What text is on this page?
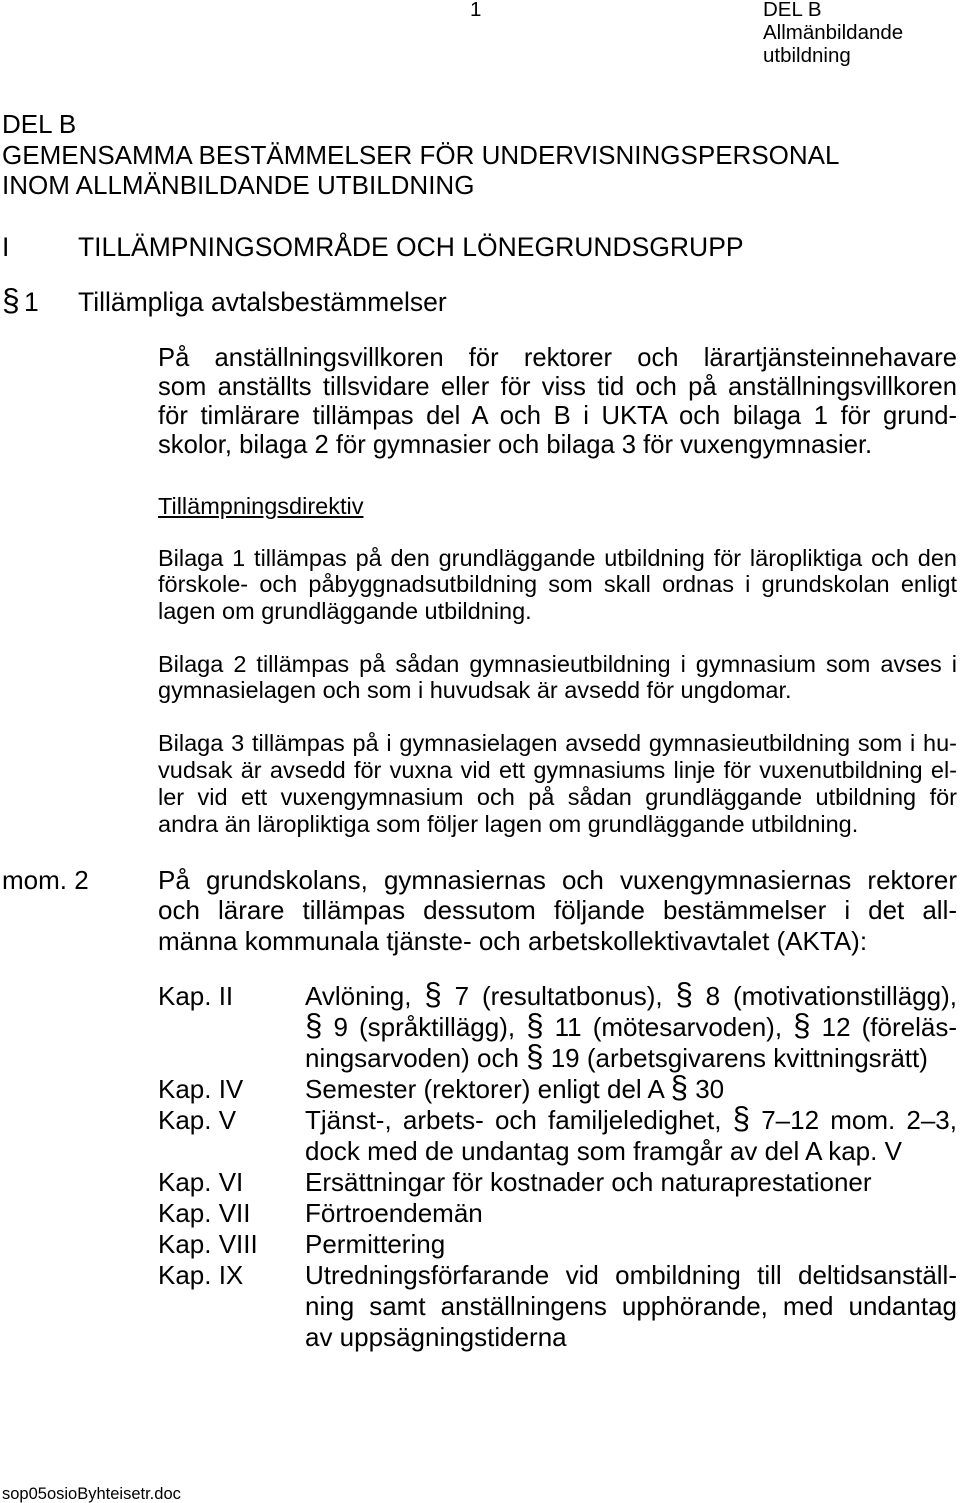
1	DEL B
Allmänbildande
utbildning
DEL B
GEMENSAMMA BESTÄMMELSER FÖR UNDERVISNINGSPERSONAL
INOM ALLMÄNBILDANDE UTBILDNING
I	TILLÄMPNINGSOMRÅDE OCH LÖNEGRUNDSGRUPP
§ 1 Tillämpliga avtalsbestämmelser
På anställningsvillkoren för rektorer och lärartjänsteinnehavare
som anställts tillsvidare eller för viss tid och på anställningsvillkoren
för timlärare tillämpas del A och B i UKTA och bilaga 1 för grund-
skolor, bilaga 2 för gymnasier och bilaga 3 för vuxengymnasier.
Tillämpningsdirektiv
Bilaga 1 tillämpas på den grundläggande utbildning för läropliktiga och den
förskole- och påbyggnadsutbildning som skall ordnas i grundskolan enligt
lagen om grundläggande utbildning.
Bilaga 2 tillämpas på sådan gymnasieutbildning i gymnasium som avses i
gymnasielagen och som i huvudsak är avsedd för ungdomar.
Bilaga 3 tillämpas på i gymnasielagen avsedd gymnasieutbildning som i hu-
vudsak är avsedd för vuxna vid ett gymnasiums linje för vuxenutbildning el-
ler vid ett vuxengymnasium och på sådan grundläggande utbildning för
andra än läropliktiga som följer lagen om grundläggande utbildning.
mom. 2	På grundskolans, gymnasiernas och vuxengymnasiernas rektorer
och lärare tillämpas dessutom följande bestämmelser i det all-
männa kommunala tjänste- och arbetskollektivavtalet (AKTA):
Kap. II	Avlöning, § 7 (resultatbonus), § 8 (motivationstillägg),
§ 9 (språktillägg), § 11 (mötesarvoden), § 12 (föreläs-
ningsarvoden) och § 19 (arbetsgivarens kvittningsrätt)
Kap. IV	Semester (rektorer) enligt del A § 30
Kap. V	Tjänst-, arbets- och familjeledighet, § 7–12 mom. 2–3,
dock med de undantag som framgår av del A kap. V
Kap. VI	Ersättningar för kostnader och naturaprestationer
Kap. VII	Förtroendemän
Kap. VIII	Permittering
Kap. IX	Utredningsförfarande vid ombildning till deltidsanställ-
ning samt anställningens upphörande, med undantag
av uppsägningstiderna
sop05osioByhteisetr.doc
